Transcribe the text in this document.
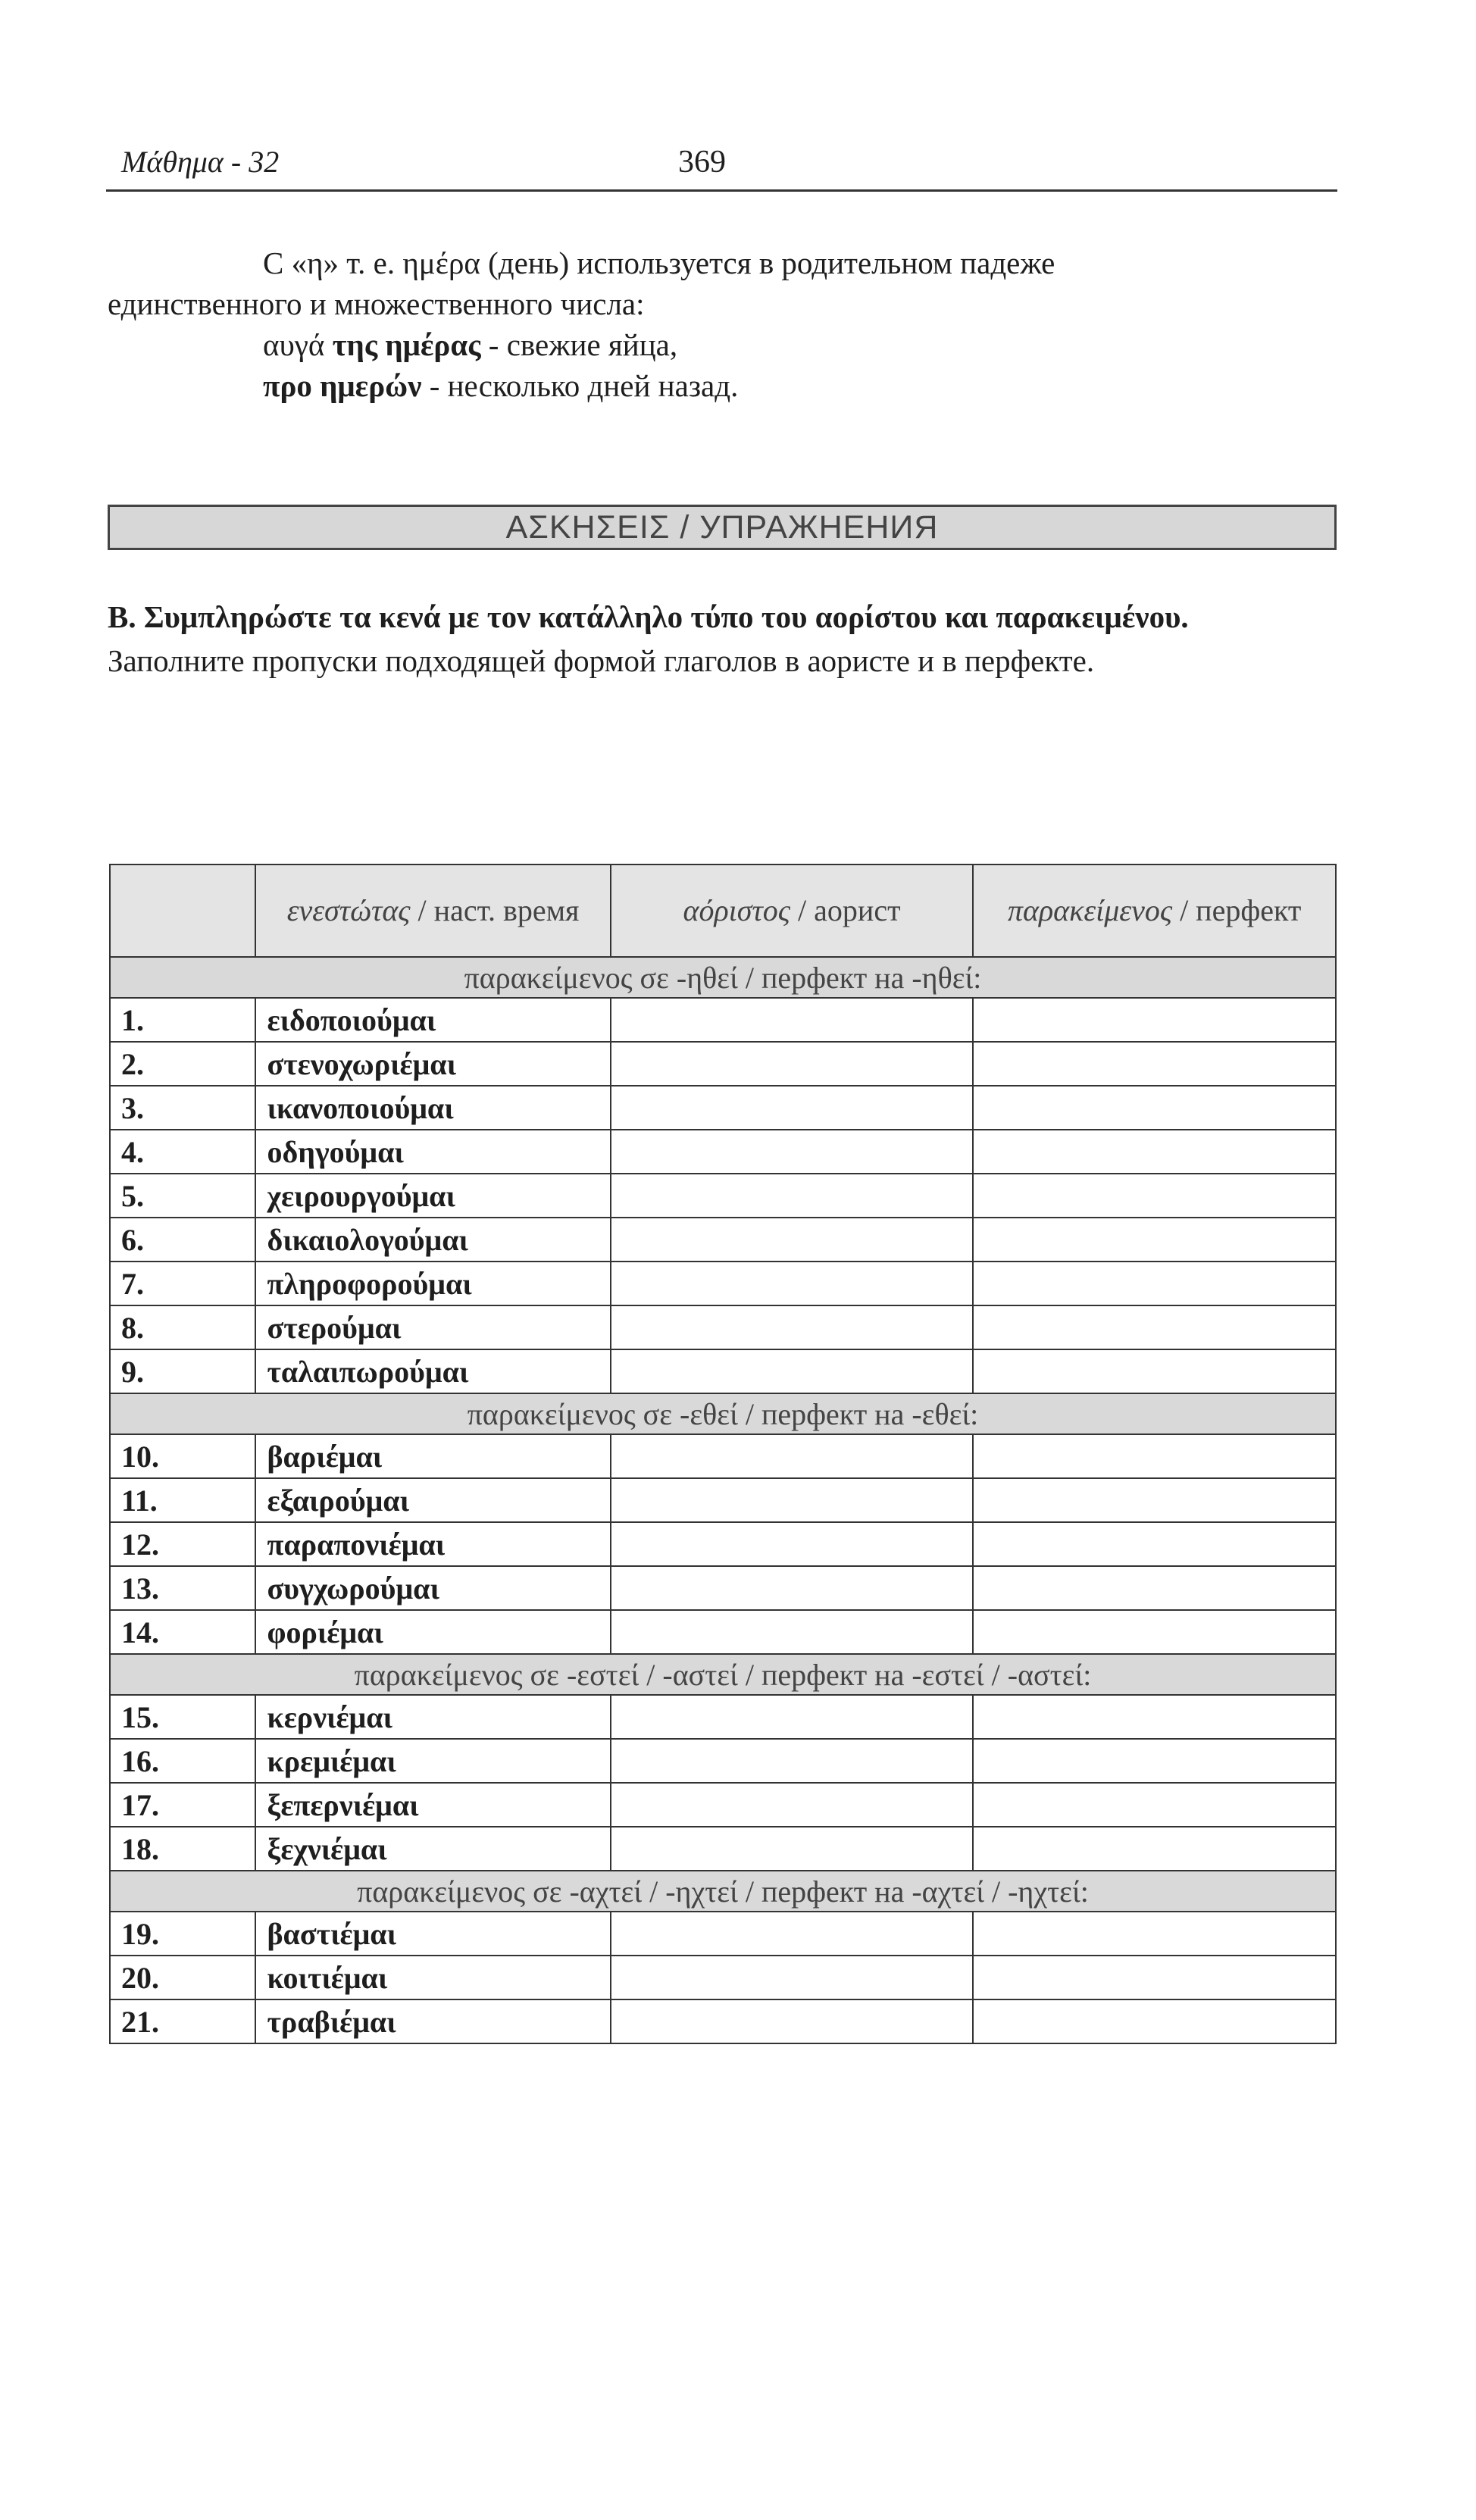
Μάθημα - 32	369

С «η» т. е. ημέρα (день) используется в родительном падеже

единственного и множественного числа:

αυγά της ημέρας - свежие яйца,

προ ημερών - несколько дней назад.

ΑΣΚΗΣΕΙΣ / УПРАЖНЕНИЯ

Β. Συμπληρώστε τα κενά με τον κατάλληλο τύπο του αορίστου και παρακειμένου.

Заполните пропуски подходящей формой глаголов в аористе и в перфекте.

	ενεστώτας / наст. время	αόριστος / аорист	παρακείμενος / перфект
παρακείμενος σε -ηθεί / перфект на -ηθεί:			
1.	ειδοποιούμαι		
2.	στενοχωριέμαι		
3.	ικανοποιούμαι		
4.	οδηγούμαι		
5.	χειρουργούμαι		
6.	δικαιολογούμαι		
7.	πληροφορούμαι		
8.	στερούμαι		
9.	ταλαιπωρούμαι		
παρακείμενος σε -εθεί / перфект на -εθεί:			
10.	βαριέμαι		
11.	εξαιρούμαι		
12.	παραπονιέμαι		
13.	συγχωρούμαι		
14.	φοριέμαι		
παρακείμενος σε -εστεί / -αστεί / перфект на -εστεί / -αστεί:			
15.	κερνιέμαι		
16.	κρεμιέμαι		
17.	ξεπερνιέμαι		
18.	ξεχνιέμαι		
παρακείμενος σε -αχτεί / -ηχτεί / перфект на -αχτεί / -ηχτεί:			
19.	βαστιέμαι		
20.	κοιτιέμαι		
21.	τραβιέμαι		
